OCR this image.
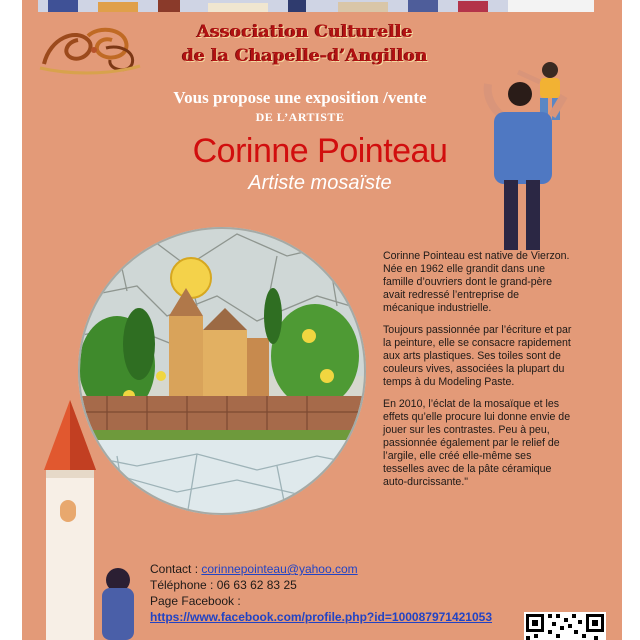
Association Culturelle
de la Chapelle-d’Angillon
Vous propose une exposition /vente
DE L’ARTISTE
Corinne Pointeau
Artiste mosaïste

Corinne Pointeau est native de Vierzon. Née en 1962 elle grandit dans une famille d’ouvriers dont le grand-père avait redressé l’entreprise de mécanique industrielle.

Toujours passionnée par l’écriture et par la peinture, elle se consacre rapidement aux arts plastiques. Ses toiles sont de couleurs vives, associées la plupart du temps à du Modeling Paste.

En 2010, l’éclat de la mosaïque et les effets qu’elle procure lui donne envie de jouer sur les contrastes. Peu à peu, passionnée également par le relief de l’argile, elle créé elle-même ses tesselles avec de la pâte céramique auto-durcissante."

Contact : corinnepointeau@yahoo.com
Téléphone : 06 63 62 83 25
Page Facebook :
https://www.facebook.com/profile.php?id=100087971421053
